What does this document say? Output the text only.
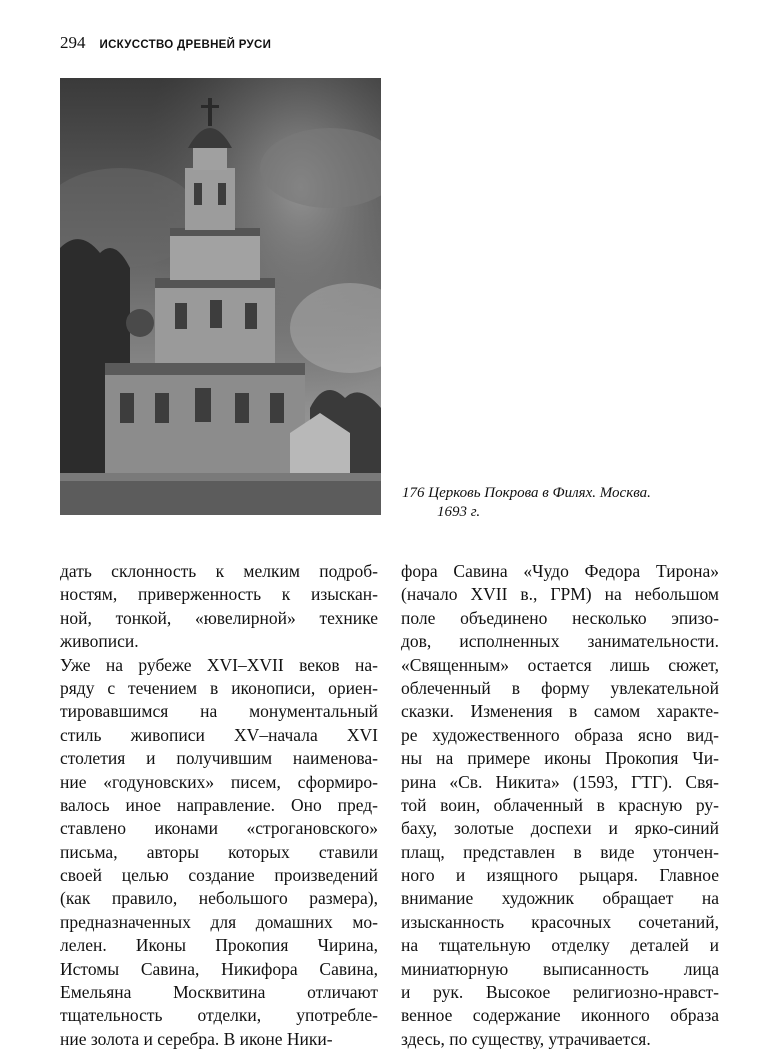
294 ИСКУССТВО ДРЕВНЕЙ РУСИ
176 Церковь Покрова в Филях. Москва.
1693 г.
дать склонность к мелким подроб-
ностям, приверженность к изыскан-
ной, тонкой, «ювелирной» технике
живописи.
Уже на рубеже XVI–XVII веков на-
ряду с течением в иконописи, ориен-
тировавшимся на монументальный
стиль живописи XV–начала XVI
столетия и получившим наименова-
ние «годуновских» писем, сформиро-
валось иное направление. Оно пред-
ставлено иконами «строгановского»
письма, авторы которых ставили
своей целью создание произведений
(как правило, небольшого размера),
предназначенных для домашних мо-
лелен. Иконы Прокопия Чирина,
Истомы Савина, Никифора Савина,
Емельяна Москвитина отличают
тщательность отделки, употребле-
ние золота и серебра. В иконе Ники-
фора Савина «Чудо Федора Тирона»
(начало XVII в., ГРМ) на небольшом
поле объединено несколько эпизо-
дов, исполненных занимательности.
«Священным» остается лишь сюжет,
облеченный в форму увлекательной
сказки. Изменения в самом характе-
ре художественного образа ясно вид-
ны на примере иконы Прокопия Чи-
рина «Св. Никита» (1593, ГТГ). Свя-
той воин, облаченный в красную ру-
баху, золотые доспехи и ярко-синий
плащ, представлен в виде утончен-
ного и изящного рыцаря. Главное
внимание художник обращает на
изысканность красочных сочетаний,
на тщательную отделку деталей и
миниатюрную выписанность лица
и рук. Высокое религиозно-нравст-
венное содержание иконного образа
здесь, по существу, утрачивается.
